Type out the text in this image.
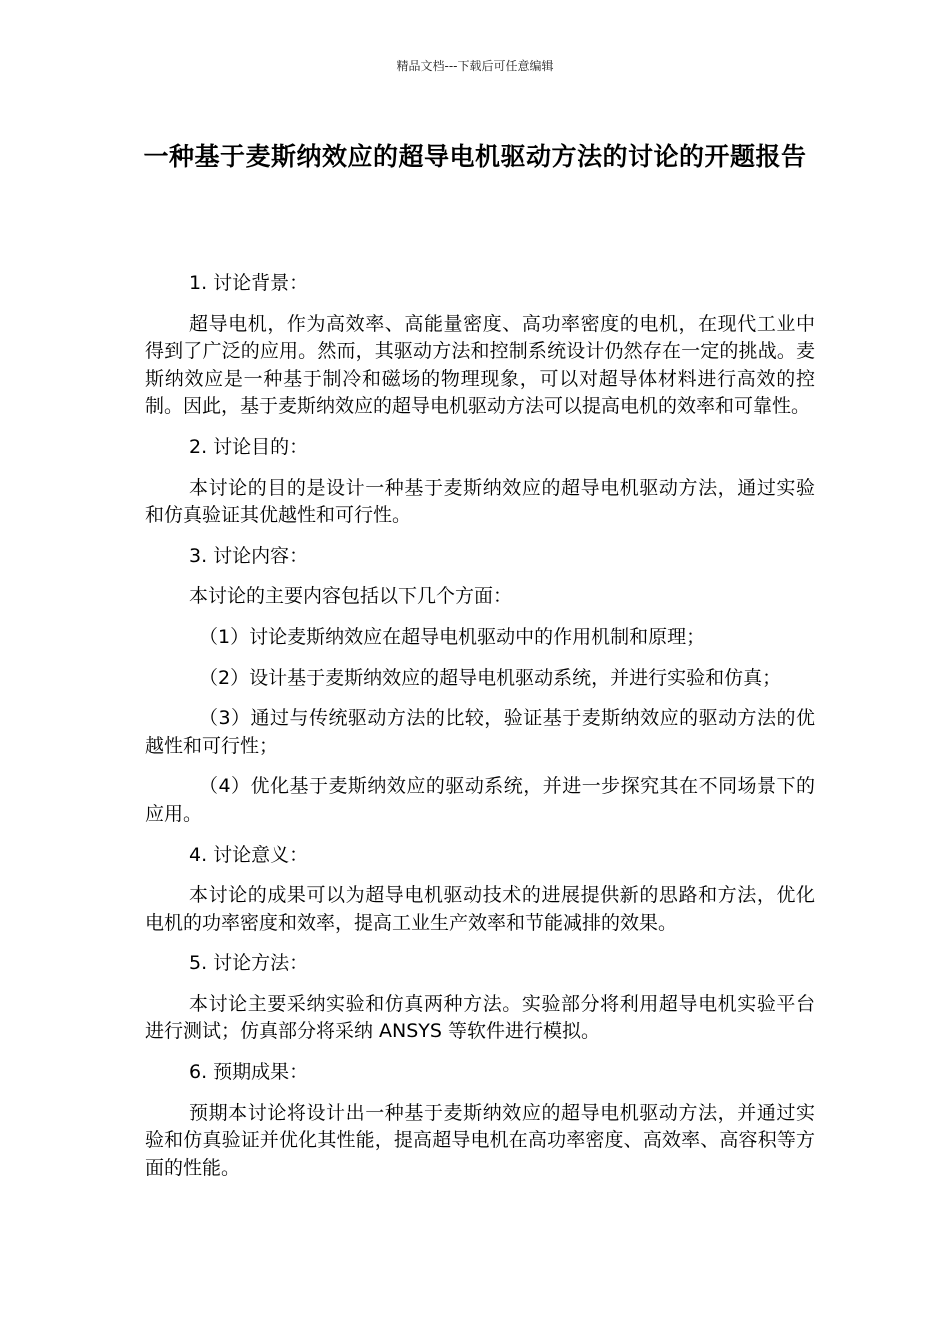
精品文档---下载后可任意编辑
一种基于麦斯纳效应的超导电机驱动方法的讨论的开题报告

1. 讨论背景：

超导电机，作为高效率、高能量密度、高功率密度的电机，在现代工业中得到了广泛的应用。然而，其驱动方法和控制系统设计仍然存在一定的挑战。麦斯纳效应是一种基于制冷和磁场的物理现象，可以对超导体材料进行高效的控制。因此，基于麦斯纳效应的超导电机驱动方法可以提高电机的效率和可靠性。

2. 讨论目的：

本讨论的目的是设计一种基于麦斯纳效应的超导电机驱动方法，通过实验和仿真验证其优越性和可行性。

3. 讨论内容：

本讨论的主要内容包括以下几个方面：

（1）讨论麦斯纳效应在超导电机驱动中的作用机制和原理；

（2）设计基于麦斯纳效应的超导电机驱动系统，并进行实验和仿真；

（3）通过与传统驱动方法的比较，验证基于麦斯纳效应的驱动方法的优越性和可行性；

（4）优化基于麦斯纳效应的驱动系统，并进一步探究其在不同场景下的应用。

4. 讨论意义：

本讨论的成果可以为超导电机驱动技术的进展提供新的思路和方法，优化电机的功率密度和效率，提高工业生产效率和节能减排的效果。

5. 讨论方法：

本讨论主要采纳实验和仿真两种方法。实验部分将利用超导电机实验平台进行测试；仿真部分将采纳 ANSYS 等软件进行模拟。

6. 预期成果：

预期本讨论将设计出一种基于麦斯纳效应的超导电机驱动方法，并通过实验和仿真验证并优化其性能，提高超导电机在高功率密度、高效率、高容积等方面的性能。
